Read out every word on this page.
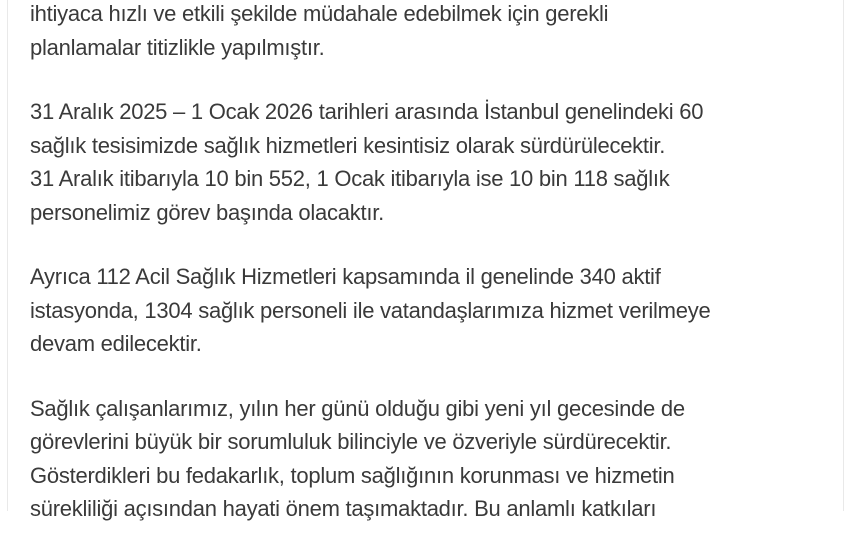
ihtiyaca hızlı ve etkili şekilde müdahale edebilmek için gerekli
planlamalar titizlikle yapılmıştır.
31 Aralık 2025 – 1 Ocak 2026 tarihleri arasında İstanbul genelindeki 60
sağlık tesisimizde sağlık hizmetleri kesintisiz olarak sürdürülecektir.
31 Aralık itibarıyla 10 bin 552, 1 Ocak itibarıyla ise 10 bin 118 sağlık
personelimiz görev başında olacaktır.
Ayrıca 112 Acil Sağlık Hizmetleri kapsamında il genelinde 340 aktif
istasyonda, 1304 sağlık personeli ile vatandaşlarımıza hizmet verilmeye
devam edilecektir.
Sağlık çalışanlarımız, yılın her günü olduğu gibi yeni yıl gecesinde de
görevlerini büyük bir sorumluluk bilinciyle ve özveriyle sürdürecektir.
Gösterdikleri bu fedakarlık, toplum sağlığının korunması ve hizmetin
sürekliliği açısından hayati önem taşımaktadır. Bu anlamlı katkıları
